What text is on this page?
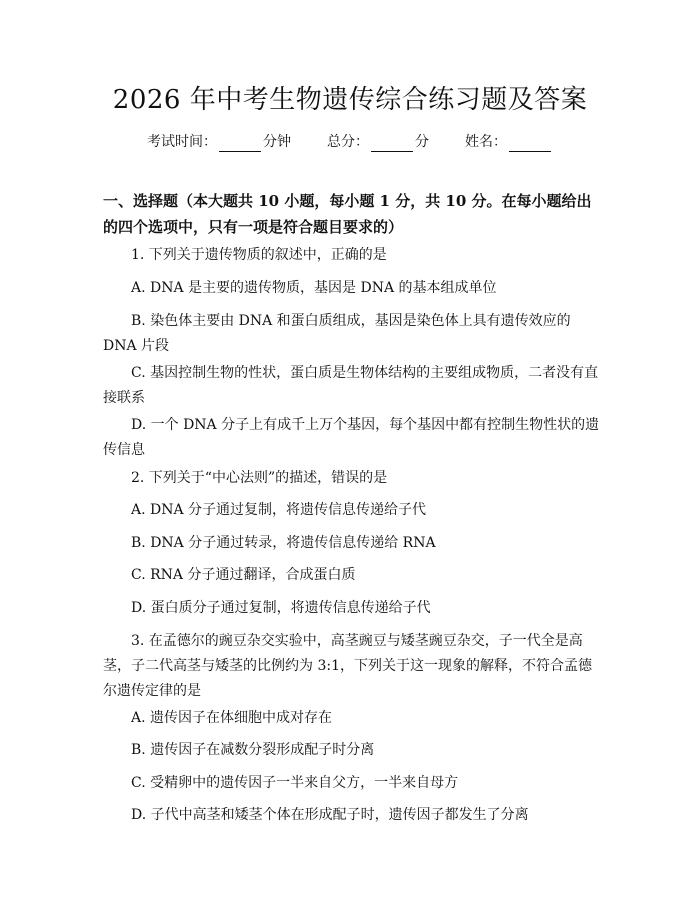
2026 年中考生物遗传综合练习题及答案
考试时间：	分钟	总分：	分	姓名：
一、选择题（本大题共 10 小题，每小题 1 分，共 10 分。在每小题给出的四个选项中，只有一项是符合题目要求的）
1. 下列关于遗传物质的叙述中，正确的是
A. DNA 是主要的遗传物质，基因是 DNA 的基本组成单位
B. 染色体主要由 DNA 和蛋白质组成，基因是染色体上具有遗传效应的 DNA 片段
C. 基因控制生物的性状，蛋白质是生物体结构的主要组成物质，二者没有直接联系
D. 一个 DNA 分子上有成千上万个基因，每个基因中都有控制生物性状的遗传信息
2. 下列关于“中心法则”的描述，错误的是
A. DNA 分子通过复制，将遗传信息传递给子代
B. DNA 分子通过转录，将遗传信息传递给 RNA
C. RNA 分子通过翻译，合成蛋白质
D. 蛋白质分子通过复制，将遗传信息传递给子代
3. 在孟德尔的豌豆杂交实验中，高茎豌豆与矮茎豌豆杂交，子一代全是高茎，子二代高茎与矮茎的比例约为 3:1，下列关于这一现象的解释，不符合孟德尔遗传定律的是
A. 遗传因子在体细胞中成对存在
B. 遗传因子在减数分裂形成配子时分离
C. 受精卵中的遗传因子一半来自父方，一半来自母方
D. 子代中高茎和矮茎个体在形成配子时，遗传因子都发生了分离
